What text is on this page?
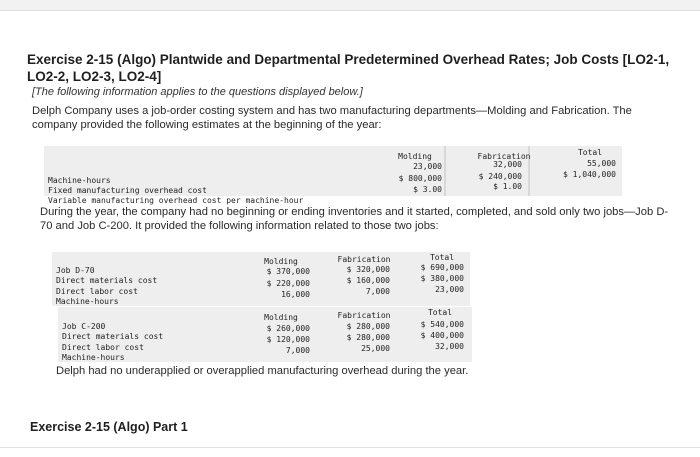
Exercise 2-15 (Algo) Plantwide and Departmental Predetermined Overhead Rates; Job Costs [LO2-1, LO2-2, LO2-3, LO2-4]
[The following information applies to the questions displayed below.]
Delph Company uses a job-order costing system and has two manufacturing departments—Molding and Fabrication. The company provided the following estimates at the beginning of the year:
Molding	Fabrication	Total
Machine-hours
23,000	32,000	55,000
Fixed manufacturing overhead cost
$ 800,000	$ 240,000	$ 1,040,000
Variable manufacturing overhead cost per machine-hour
$ 3.00	$ 1.00
During the year, the company had no beginning or ending inventories and it started, completed, and sold only two jobs—Job D-70 and Job C-200. It provided the following information related to those two jobs:
Molding	Fabrication	Total
Job D-70
Direct materials cost
$ 370,000	$ 320,000	$ 690,000
Direct labor cost
$ 220,000	$ 160,000	$ 380,000
Machine-hours
16,000	7,000	23,000
Molding	Fabrication	Total
Job C-200
Direct materials cost
$ 260,000	$ 280,000	$ 540,000
Direct labor cost
$ 120,000	$ 280,000	$ 400,000
Machine-hours
7,000	25,000	32,000
Delph had no underapplied or overapplied manufacturing overhead during the year.
Exercise 2-15 (Algo) Part 1
